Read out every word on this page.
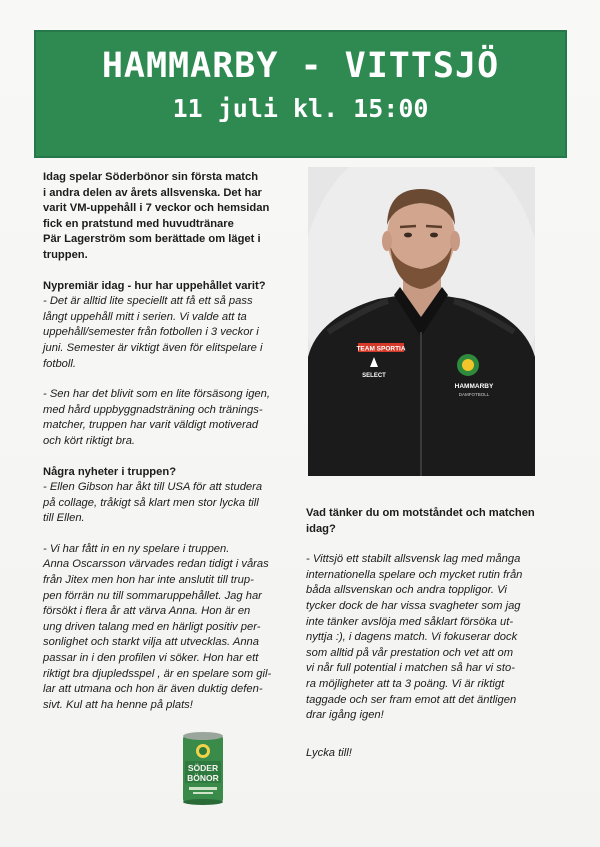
HAMMARBY - VITTSJÖ
11 juli kl. 15:00

Idag spelar Söderbönor sin första match

i andra delen av årets allsvenska. Det har

varit VM-uppehåll i 7 veckor och hemsidan

fick en pratstund med huvudtränare

Pär Lagerström som berättade om läget i

truppen.

Nypremiär idag - hur har uppehållet varit?

- Det är alltid lite speciellt att få ett så pass

långt uppehåll mitt i serien. Vi valde att ta

uppehåll/semester från fotbollen i 3 veckor i

juni. Semester är viktigt även för elitspelare i

fotboll.

- Sen har det blivit som en lite försäsong igen,

med hård uppbyggnadsträning och tränings-

matcher, truppen har varit väldigt motiverad

och kört riktigt bra.

Några nyheter i truppen?

- Ellen Gibson har åkt till USA för att studera

på collage, tråkigt så klart men stor lycka till

till Ellen.

- Vi har fått in en ny spelare i truppen.

Anna Oscarsson värvades redan tidigt i våras

från Jitex men hon har inte anslutit till trup-

pen förrän nu till sommaruppehållet. Jag har

försökt i flera år att värva Anna. Hon är en

ung driven talang med en härligt positiv per-

sonlighet och starkt vilja att utvecklas. Anna

passar in i den profilen vi söker. Hon har ett

riktigt bra djupledsspel , är en spelare som gil-

lar att utmana och hon är även duktig defen-

sivt. Kul att ha henne på plats!

TEAM SPORTIA
SELECT
HAMMARBY
DAMFOTBOLL

Vad tänker du om motståndet och matchen

idag?

- Vittsjö ett stabilt allsvensk lag med många

internationella spelare och mycket rutin från

båda allsvenskan och andra toppligor. Vi

tycker dock de har vissa svagheter som jag

inte tänker avslöja med såklart försöka ut-

nyttja :), i dagens match. Vi fokuserar dock

som alltid på vår prestation och vet att om

vi når full potential i matchen så har vi sto-

ra möjligheter att ta 3 poäng. Vi är riktigt

taggade och ser fram emot att det äntligen

drar igång igen!

Lycka till!

SÖDER
BÖNOR
